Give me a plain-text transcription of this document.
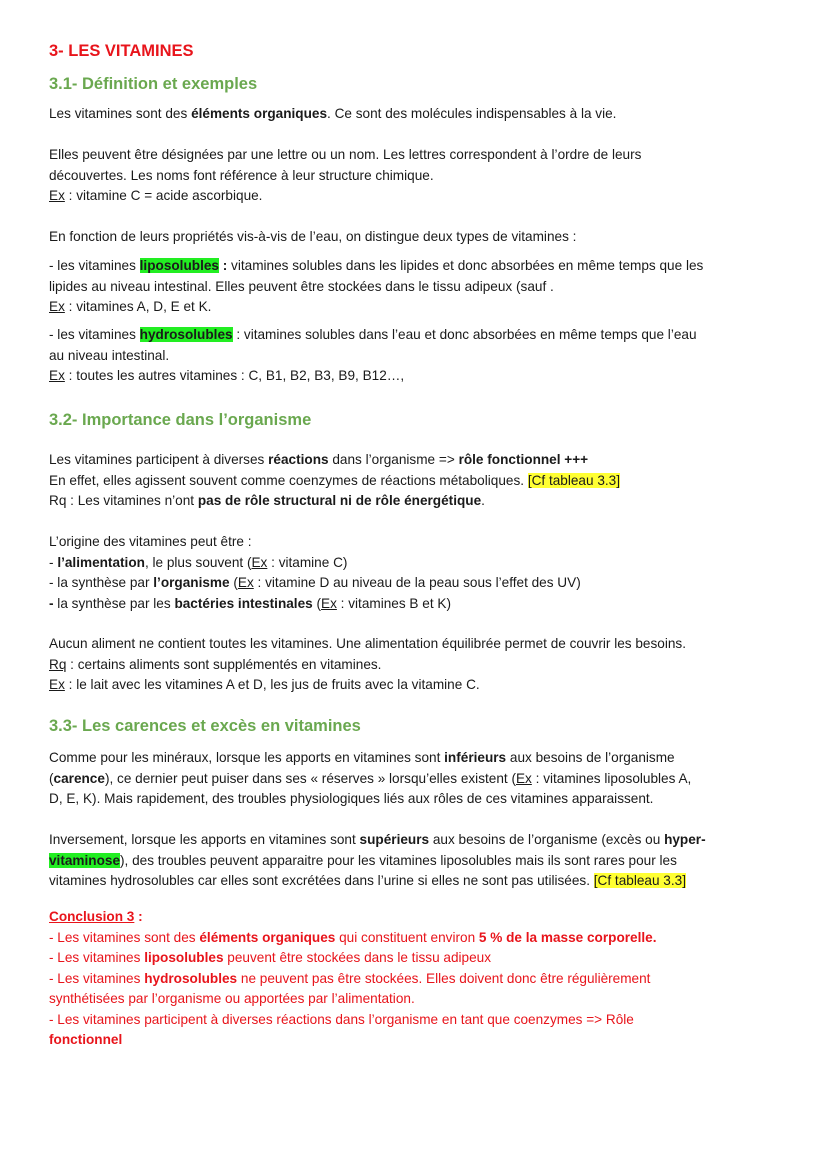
3- LES VITAMINES
3.1- Définition et exemples
Les vitamines sont des éléments organiques. Ce sont des molécules indispensables à la vie.
Elles peuvent être désignées par une lettre ou un nom. Les lettres correspondent à l’ordre de leurs
découvertes. Les noms font référence à leur structure chimique.
Ex : vitamine C = acide ascorbique.
En fonction de leurs propriétés vis-à-vis de l’eau, on distingue deux types de vitamines :
- les vitamines liposolubles : vitamines solubles dans les lipides et donc absorbées en même temps que les
lipides au niveau intestinal. Elles peuvent être stockées dans le tissu adipeux (sauf .
Ex : vitamines A, D, E et K.
- les vitamines hydrosolubles : vitamines solubles dans l’eau et donc absorbées en même temps que l’eau
au niveau intestinal.
Ex : toutes les autres vitamines : C, B1, B2, B3, B9, B12…,
3.2- Importance dans l’organisme
Les vitamines participent à diverses réactions dans l’organisme => rôle fonctionnel +++
En effet, elles agissent souvent comme coenzymes de réactions métaboliques. [Cf tableau 3.3]
Rq : Les vitamines n’ont pas de rôle structural ni de rôle énergétique.
L’origine des vitamines peut être :
- l’alimentation, le plus souvent (Ex : vitamine C)
- la synthèse par l’organisme (Ex : vitamine D au niveau de la peau sous l’effet des UV)
- la synthèse par les bactéries intestinales (Ex : vitamines B et K)
Aucun aliment ne contient toutes les vitamines. Une alimentation équilibrée permet de couvrir les besoins.
Rq : certains aliments sont supplémentés en vitamines.
Ex : le lait avec les vitamines A et D, les jus de fruits avec la vitamine C.
3.3- Les carences et excès en vitamines
Comme pour les minéraux, lorsque les apports en vitamines sont inférieurs aux besoins de l’organisme
(carence), ce dernier peut puiser dans ses « réserves » lorsqu’elles existent (Ex : vitamines liposolubles A,
D, E, K). Mais rapidement, des troubles physiologiques liés aux rôles de ces vitamines apparaissent.
Inversement, lorsque les apports en vitamines sont supérieurs aux besoins de l’organisme (excès ou hyper-
vitaminose), des troubles peuvent apparaitre pour les vitamines liposolubles mais ils sont rares pour les
vitamines hydrosolubles car elles sont excrétées dans l’urine si elles ne sont pas utilisées. [Cf tableau 3.3]
Conclusion 3 :
- Les vitamines sont des éléments organiques qui constituent environ 5 % de la masse corporelle.
- Les vitamines liposolubles peuvent être stockées dans le tissu adipeux
- Les vitamines hydrosolubles ne peuvent pas être stockées. Elles doivent donc être régulièrement
synthétisées par l’organisme ou apportées par l’alimentation.
- Les vitamines participent à diverses réactions dans l’organisme en tant que coenzymes => Rôle
fonctionnel
